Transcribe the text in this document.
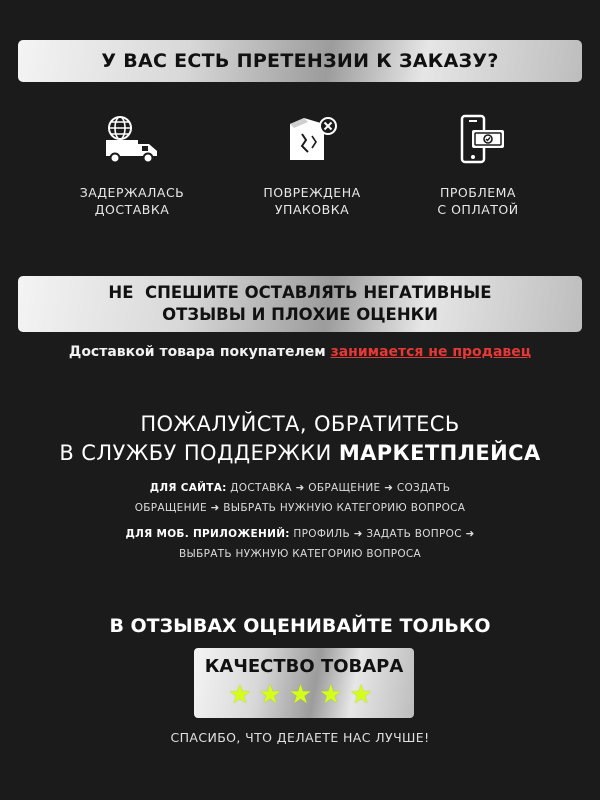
У ВАС ЕСТЬ ПРЕТЕНЗИИ К ЗАКАЗУ?
ЗАДЕРЖАЛАСЬ
ДОСТАВКА
ПОВРЕЖДЕНА
УПАКОВКА
ПРОБЛЕМА
С ОПЛАТОЙ
НЕ  СПЕШИТЕ ОСТАВЛЯТЬ НЕГАТИВНЫЕ
ОТЗЫВЫ И ПЛОХИЕ ОЦЕНКИ
Доставкой товара покупателем занимается не продавец
ПОЖАЛУЙСТА, ОБРАТИТЕСЬ
В СЛУЖБУ ПОДДЕРЖКИ МАРКЕТПЛЕЙСА
ДЛЯ САЙТА: ДОСТАВКА ➜ ОБРАЩЕНИЕ ➜ СОЗДАТЬ
ОБРАЩЕНИЕ ➜ ВЫБРАТЬ НУЖНУЮ КАТЕГОРИЮ ВОПРОСА
ДЛЯ МОБ. ПРИЛОЖЕНИЙ: ПРОФИЛЬ ➜ ЗАДАТЬ ВОПРОС ➜
ВЫБРАТЬ НУЖНУЮ КАТЕГОРИЮ ВОПРОСА
В ОТЗЫВАХ ОЦЕНИВАЙТЕ ТОЛЬКО
КАЧЕСТВО ТОВАРА
★★★★★
СПАСИБО, ЧТО ДЕЛАЕТЕ НАС ЛУЧШЕ!
